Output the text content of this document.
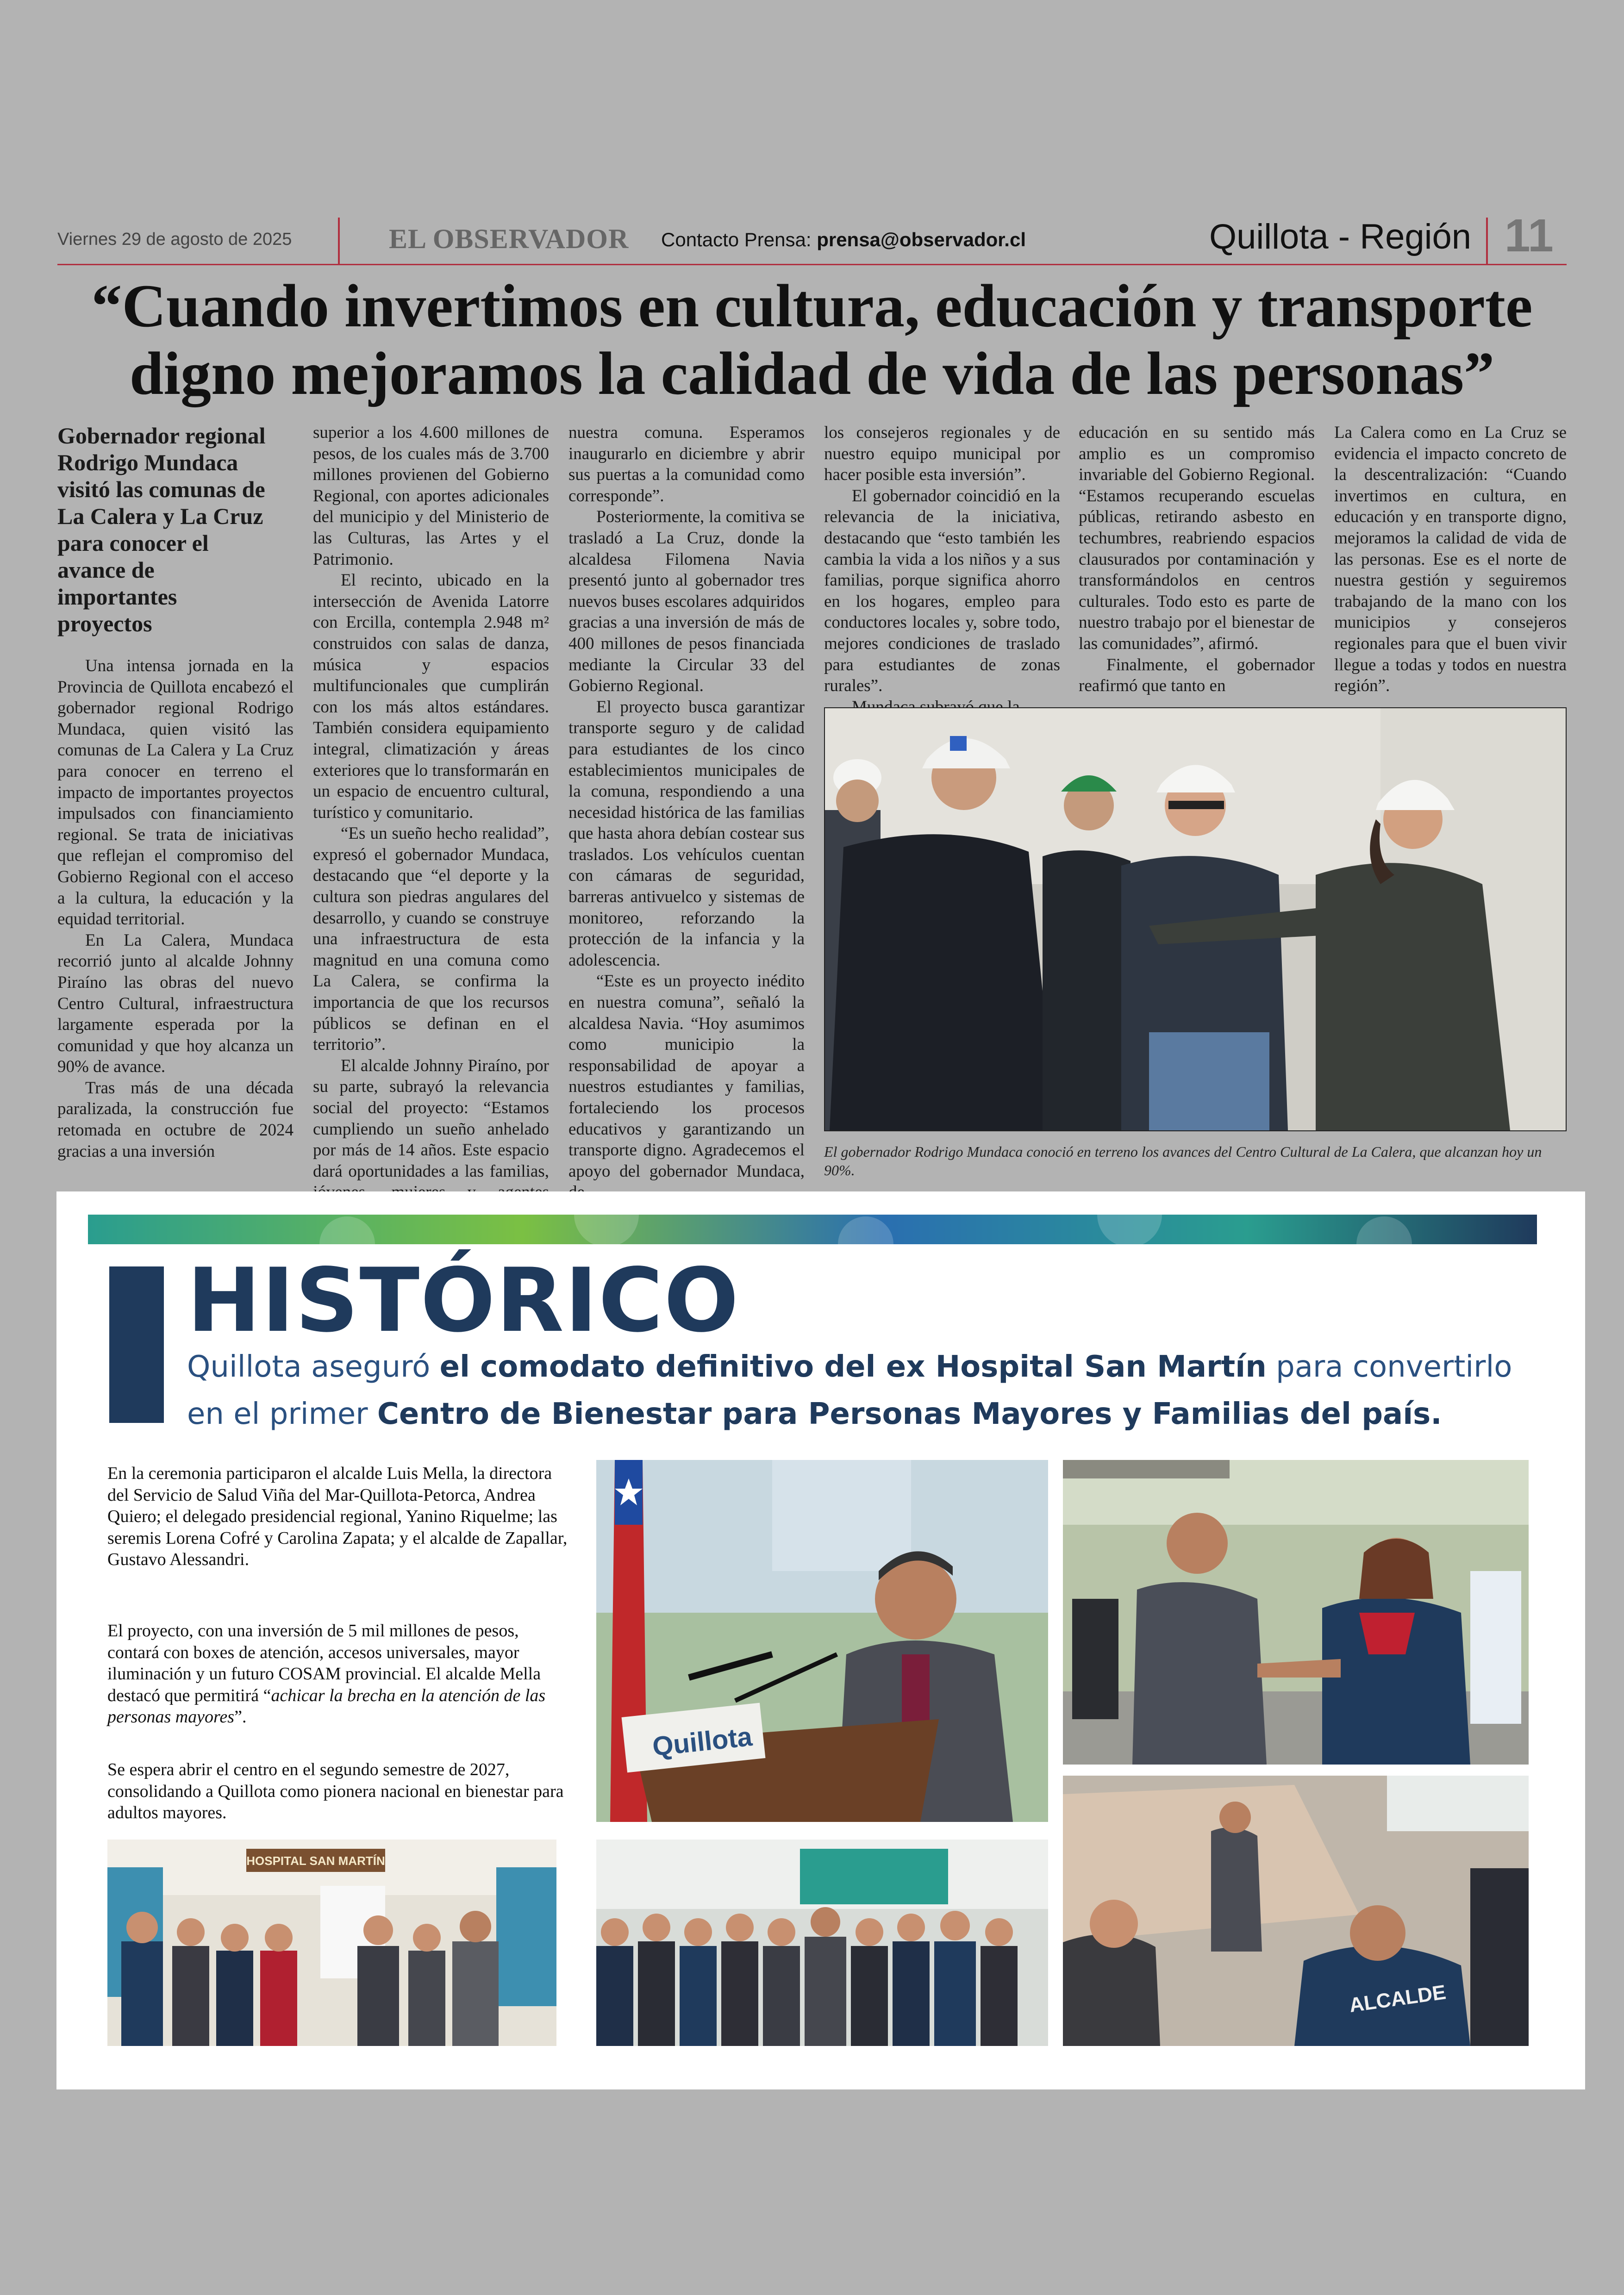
Viernes 29 de agosto de 2025	EL OBSERVADOR Contacto Prensa: prensa@observador.cl	Quillota - Región 11
“Cuando invertimos en cultura, educación y transporte digno mejoramos la calidad de vida de las personas”
Gobernador regional Rodrigo Mundaca visitó las comunas de La Calera y La Cruz para conocer el avance de importantes proyectos

Una intensa jornada en la Provincia de Quillota encabezó el gobernador regional Rodrigo Mundaca, quien visitó las comunas de La Calera y La Cruz para conocer en terreno el impacto de importantes proyectos impulsados con financiamiento regional. Se trata de iniciativas que reflejan el compromiso del Gobierno Regional con el acceso a la cultura, la educación y la equidad territorial.

En La Calera, Mundaca recorrió junto al alcalde Johnny Piraíno las obras del nuevo Centro Cultural, infraestructura largamente esperada por la comunidad y que hoy alcanza un 90% de avance.

Tras más de una década paralizada, la construcción fue retomada en octubre de 2024 gracias a una inversión

superior a los 4.600 millones de pesos, de los cuales más de 3.700 millones provienen del Gobierno Regional, con aportes adicionales del municipio y del Ministerio de las Culturas, las Artes y el Patrimonio.

El recinto, ubicado en la intersección de Avenida Latorre con Ercilla, contempla 2.948 m² construidos con salas de danza, música y espacios multifuncionales que cumplirán con los más altos estándares. También considera equipamiento integral, climatización y áreas exteriores que lo transformarán en un espacio de encuentro cultural, turístico y comunitario.

“Es un sueño hecho realidad”, expresó el gobernador Mundaca, destacando que “el deporte y la cultura son piedras angulares del desarrollo, y cuando se construye una infraestructura de esta magnitud en una comuna como La Calera, se confirma la importancia de que los recursos públicos se definan en el territorio”.

El alcalde Johnny Piraíno, por su parte, subrayó la relevancia social del proyecto: “Estamos cumpliendo un sueño anhelado por más de 14 años. Este espacio dará oportunidades a las familias,

nuestra comuna. Esperamos inaugurarlo en diciembre y abrir sus puertas a la comunidad como corresponde”.

Posteriormente, la comitiva se trasladó a La Cruz, donde la alcaldesa Filomena Navia presentó junto al gobernador tres nuevos buses escolares adquiridos gracias a una inversión de más de 400 millones de pesos financiada mediante la Circular 33 del Gobierno Regional.

El proyecto busca garantizar transporte seguro y de calidad para estudiantes de los cinco establecimientos municipales de la comuna, respondiendo a una necesidad histórica de las familias que hasta ahora debían costear sus traslados. Los vehículos cuentan con cámaras de seguridad, barreras antivuelco y sistemas de monitoreo, reforzando la protección de la infancia y la adolescencia.

“Este es un proyecto inédito en nuestra comuna”, señaló la alcaldesa Navia. “Hoy asumimos como municipio la responsabilidad de apoyar a nuestros estudiantes y familias, fortaleciendo los procesos educativos y garantizando un transporte digno. Agradecemos el apoyo del gobernador Mundaca,

los consejeros regionales y de nuestro equipo municipal por hacer posible esta inversión”.

El gobernador coincidió en la relevancia de la iniciativa, destacando que “esto también les cambia la vida a los niños y a sus familias, porque significa ahorro en los hogares, empleo para conductores locales y, sobre todo, mejores condiciones de traslado para estudiantes de zonas rurales”.

educación en su sentido más amplio es un compromiso invariable del Gobierno Regional. “Estamos recuperando escuelas públicas, retirando asbesto en techumbres, reabriendo espacios clausurados por contaminación y transformándolos en centros culturales. Todo esto es parte de nuestro trabajo por el bienestar de las comunidades”, afirmó.

Finalmente, el gobernador reafirmó que tanto en

La Calera como en La Cruz se evidencia el impacto concreto de la descentralización: “Cuando invertimos en cultura, en educación y en transporte digno, mejoramos la calidad de vida de las personas. Ese es el norte de nuestra gestión y seguiremos trabajando de la mano con los municipios y consejeros regionales para que el buen vivir llegue a todas y todos en nuestra región”.

El gobernador Rodrigo Mundaca conoció en terreno los avances del Centro Cultural de La Calera, que alcanzan hoy un 90%.
HISTÓRICO
Quillota aseguró el comodato definitivo del ex Hospital San Martín para convertirlo en el primer Centro de Bienestar para Personas Mayores y Familias del país.

En la ceremonia participaron el alcalde Luis Mella, la directora del Servicio de Salud Viña del Mar-Quillota-Petorca, Andrea Quiero; el delegado presidencial regional, Yanino Riquelme; las seremis Lorena Cofré y Carolina Zapata; y el alcalde de Zapallar, Gustavo Alessandri.

El proyecto, con una inversión de 5 mil millones de pesos, contará con boxes de atención, accesos universales, mayor iluminación y un futuro COSAM provincial. El alcalde Mella destacó que permitirá “achicar la brecha en la atención de las personas mayores”.

Se espera abrir el centro en el segundo semestre de 2027, consolidando a Quillota como pionera nacional en bienestar para adultos mayores.

Quillota
HOSPITAL SAN MARTÍN
ALCALDE
